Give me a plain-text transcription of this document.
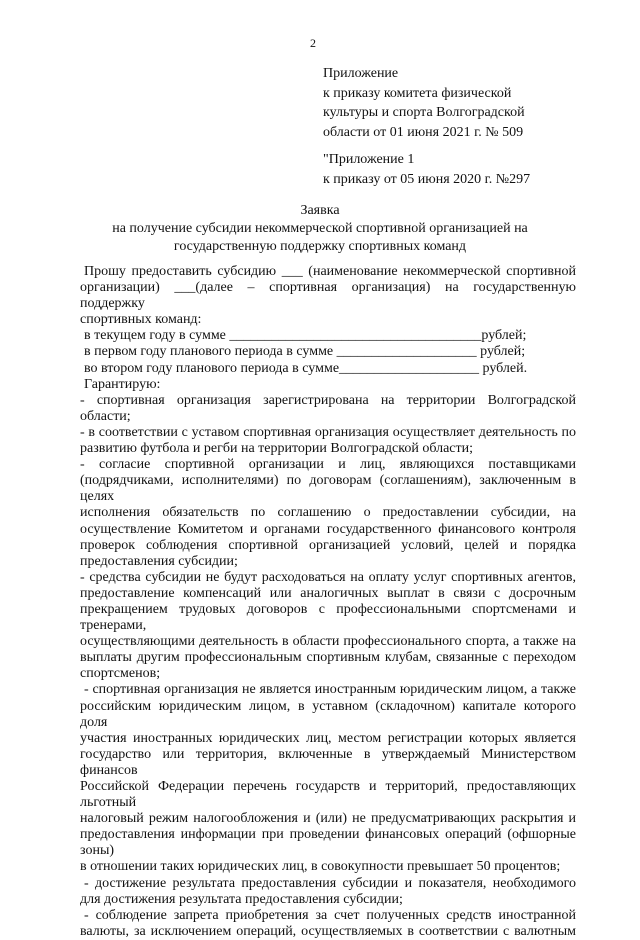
2
Приложение
к приказу комитета физической
культуры и спорта Волгоградской
области от 01 июня 2021 г. № 509
"Приложение 1
к приказу от 05 июня 2020 г. №297
Заявка
на получение субсидии некоммерческой спортивной организацией на
государственную поддержку спортивных команд
Прошу предоставить субсидию ___ (наименование некоммерческой спортивной
организации) ___(далее – спортивная организация) на государственную поддержку
спортивных команд:
в текущем году в сумме ____________________________________рублей;
в первом году планового периода в сумме ____________________ рублей;
во втором году планового периода в сумме____________________ рублей.
Гарантирую:
- спортивная организация зарегистрирована на территории Волгоградской
области;
- в соответствии с уставом спортивная организация осуществляет деятельность по
развитию футбола и регби на территории Волгоградской области;
- согласие спортивной организации и лиц, являющихся поставщиками
(подрядчиками, исполнителями) по договорам (соглашениям), заключенным в целях
исполнения обязательств по соглашению о предоставлении субсидии, на
осуществление Комитетом и органами государственного финансового контроля
проверок соблюдения спортивной организацией условий, целей и порядка
предоставления субсидии;
- средства субсидии не будут расходоваться на оплату услуг спортивных агентов,
предоставление компенсаций или аналогичных выплат в связи с досрочным
прекращением трудовых договоров с профессиональными спортсменами и тренерами,
осуществляющими деятельность в области профессионального спорта, а также на
выплаты другим профессиональным спортивным клубам, связанные с переходом
спортсменов;
- спортивная организация не является иностранным юридическим лицом, а также
российским юридическим лицом, в уставном (складочном) капитале которого доля
участия иностранных юридических лиц, местом регистрации которых является
государство или территория, включенные в утверждаемый Министерством финансов
Российской Федерации перечень государств и территорий, предоставляющих льготный
налоговый режим налогообложения и (или) не предусматривающих раскрытия и
предоставления информации при проведении финансовых операций (офшорные зоны)
в отношении таких юридических лиц, в совокупности превышает 50 процентов;
- достижение результата предоставления субсидии и показателя, необходимого
для достижения результата предоставления субсидии;
- соблюдение запрета приобретения за счет полученных средств иностранной
валюты, за исключением операций, осуществляемых в соответствии с валютным
